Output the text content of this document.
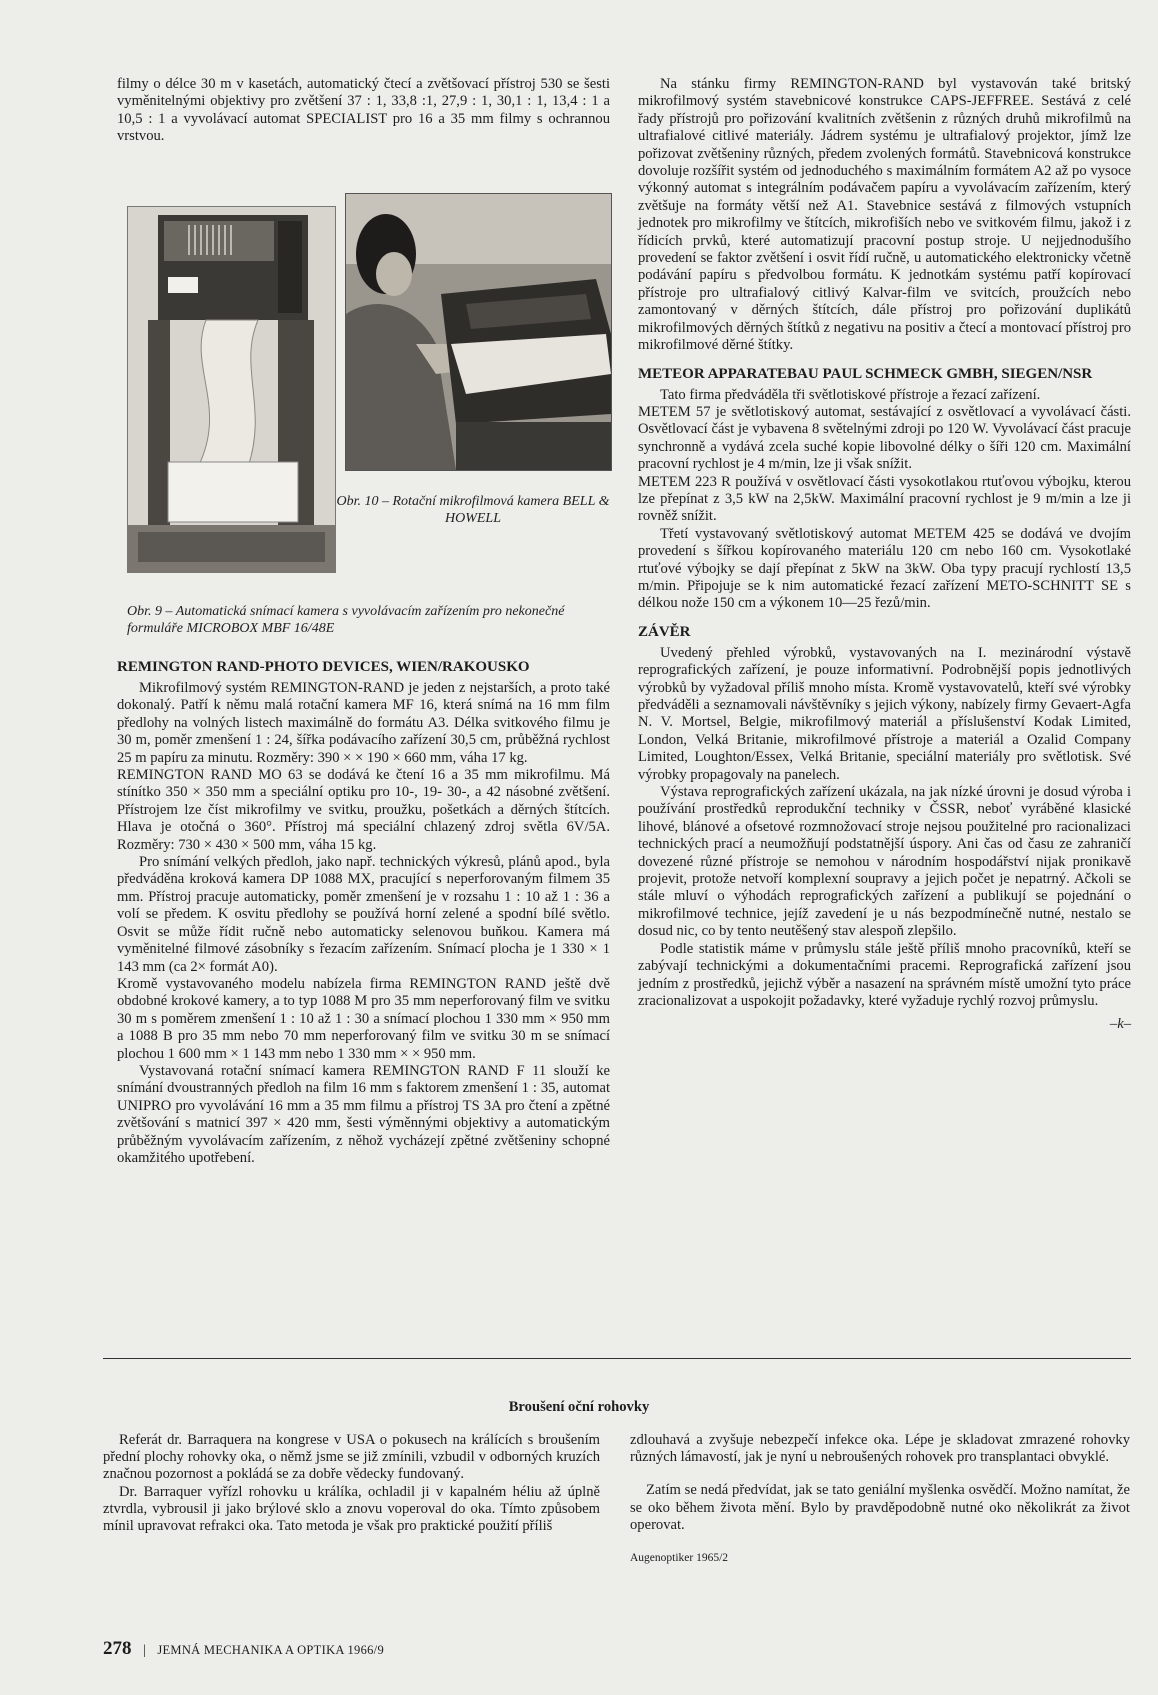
filmy o délce 30 m v kasetách, automatický čtecí a zvětšovací přístroj 530 se šesti vyměnitelnými objektivy pro zvětšení 37 : 1, 33,8 :1, 27,9 : 1, 30,1 : 1, 13,4 : 1 a 10,5 : 1 a vyvolávací automat SPECIALIST pro 16 a 35 mm filmy s ochrannou vrstvou.

Obr. 10 – Rotační mikrofilmová kamera BELL & HOWELL
Obr. 9 – Automatická snímací kamera s vyvolávacím zařízením pro nekonečné formuláře MICROBOX MBF 16/48E
REMINGTON RAND-PHOTO DEVICES, WIEN/RAKOUSKO

Mikrofilmový systém REMINGTON-RAND je jeden z nejstarších, a proto také dokonalý. Patří k němu malá rotační kamera MF 16, která snímá na 16 mm film předlohy na volných listech maximálně do formátu A3. Délka svitkového filmu je 30 m, poměr zmenšení 1 : 24, šířka podávacího zařízení 30,5 cm, průběžná rychlost 25 m papíru za minutu. Rozměry: 390 × × 190 × 660 mm, váha 17 kg.

REMINGTON RAND MO 63 se dodává ke čtení 16 a 35 mm mikrofilmu. Má stínítko 350 × 350 mm a speciální optiku pro 10-, 19- 30-, a 42 násobné zvětšení. Přístrojem lze číst mikrofilmy ve svitku, proužku, pošetkách a děrných štítcích. Hlava je otočná o 360°. Přístroj má speciální chlazený zdroj světla 6V/5A. Rozměry: 730 × 430 × 500 mm, váha 15 kg.

Pro snímání velkých předloh, jako např. technických výkresů, plánů apod., byla předváděna kroková kamera DP 1088 MX, pracující s neperforovaným filmem 35 mm. Přístroj pracuje automaticky, poměr zmenšení je v rozsahu 1 : 10 až 1 : 36 a volí se předem. K osvitu předlohy se používá horní zelené a spodní bílé světlo. Osvit se může řídit ručně nebo automaticky selenovou buňkou. Kamera má vyměnitelné filmové zásobníky s řezacím zařízením. Snímací plocha je 1 330 × 1 143 mm (ca 2× formát A0).

Kromě vystavovaného modelu nabízela firma REMINGTON RAND ještě dvě obdobné krokové kamery, a to typ 1088 M pro 35 mm neperforovaný film ve svitku 30 m s poměrem zmenšení 1 : 10 až 1 : 30 a snímací plochou 1 330 mm × 950 mm a 1088 B pro 35 mm nebo 70 mm neperforovaný film ve svitku 30 m se snímací plochou 1 600 mm × 1 143 mm nebo 1 330 mm × × 950 mm.

Vystavovaná rotační snímací kamera REMINGTON RAND F 11 slouží ke snímání dvoustranných předloh na film 16 mm s faktorem zmenšení 1 : 35, automat UNIPRO pro vyvolávání 16 mm a 35 mm filmu a přístroj TS 3A pro čtení a zpětné zvětšování s matnicí 397 × 420 mm, šesti výměnnými objektivy a automatickým průběžným vyvolávacím zařízením, z něhož vycházejí zpětné zvětšeniny schopné okamžitého upotřebení.

Na stánku firmy REMINGTON-RAND byl vystavován také britský mikrofilmový systém stavebnicové konstrukce CAPS-JEFFREE. Sestává z celé řady přístrojů pro pořizování kvalitních zvětšenin z různých druhů mikrofilmů na ultrafialové citlivé materiály. Jádrem systému je ultrafialový projektor, jímž lze pořizovat zvětšeniny různých, předem zvolených formátů. Stavebnicová konstrukce dovoluje rozšířit systém od jednoduchého s maximálním formátem A2 až po vysoce výkonný automat s integrálním podávačem papíru a vyvolávacím zařízením, který zvětšuje na formáty větší než A1. Stavebnice sestává z filmových vstupních jednotek pro mikrofilmy ve štítcích, mikrofiších nebo ve svitkovém filmu, jakož i z řídicích prvků, které automatizují pracovní postup stroje. U nejjednodušího provedení se faktor zvětšení i osvit řídí ručně, u automatického elektronicky včetně podávání papíru s předvolbou formátu. K jednotkám systému patří kopírovací přístroje pro ultrafialový citlivý Kalvar-film ve svitcích, proužcích nebo zamontovaný v děrných štítcích, dále přístroj pro pořizování duplikátů mikrofilmových děrných štítků z negativu na positiv a čtecí a montovací přístroj pro mikrofilmové děrné štítky.

METEOR APPARATEBAU PAUL SCHMECK GMBH, SIEGEN/NSR

Tato firma předváděla tři světlotiskové přístroje a řezací zařízení.

METEM 57 je světlotiskový automat, sestávající z osvětlovací a vyvolávací části. Osvětlovací část je vybavena 8 světelnými zdroji po 120 W. Vyvolávací část pracuje synchronně a vydává zcela suché kopie libovolné délky o šíři 120 cm. Maximální pracovní rychlost je 4 m/min, lze ji však snížit.

METEM 223 R používá v osvětlovací části vysokotlakou rtuťovou výbojku, kterou lze přepínat z 3,5 kW na 2,5kW. Maximální pracovní rychlost je 9 m/min a lze ji rovněž snížit.

Třetí vystavovaný světlotiskový automat METEM 425 se dodává ve dvojím provedení s šířkou kopírovaného materiálu 120 cm nebo 160 cm. Vysokotlaké rtuťové výbojky se dají přepínat z 5kW na 3kW. Oba typy pracují rychlostí 13,5 m/min. Připojuje se k nim automatické řezací zařízení METO-SCHNITT SE s délkou nože 150 cm a výkonem 10—25 řezů/min.

ZÁVĚR

Uvedený přehled výrobků, vystavovaných na I. mezinárodní výstavě reprografických zařízení, je pouze informativní. Podrobnější popis jednotlivých výrobků by vyžadoval příliš mnoho místa. Kromě vystavovatelů, kteří své výrobky předváděli a seznamovali návštěvníky s jejich výkony, nabízely firmy Gevaert-Agfa N. V. Mortsel, Belgie, mikrofilmový materiál a příslušenství Kodak Limited, London, Velká Britanie, mikrofilmové přístroje a materiál a Ozalid Company Limited, Loughton/Essex, Velká Britanie, speciální materiály pro světlotisk. Své výrobky propagovaly na panelech.

Výstava reprografických zařízení ukázala, na jak nízké úrovni je dosud výroba i používání prostředků reprodukční techniky v ČSSR, neboť vyráběné klasické lihové, blánové a ofsetové rozmnožovací stroje nejsou použitelné pro racionalizaci technických prací a neumožňují podstatnější úspory. Ani čas od času ze zahraničí dovezené různé přístroje se nemohou v národním hospodářství nijak pronikavě projevit, protože netvoří komplexní soupravy a jejich počet je nepatrný. Ačkoli se stále mluví o výhodách reprografických zařízení a publikují se pojednání o mikrofilmové technice, jejíž zavedení je u nás bezpodmínečně nutné, nestalo se dosud nic, co by tento neutěšený stav alespoň zlepšilo.

Podle statistik máme v průmyslu stále ještě příliš mnoho pracovníků, kteří se zabývají technickými a dokumentačními pracemi. Reprografická zařízení jsou jedním z prostředků, jejichž výběr a nasazení na správném místě umožní tyto práce zracionalizovat a uspokojit požadavky, které vyžaduje rychlý rozvoj průmyslu.

–k–
Broušení oční rohovky

Referát dr. Barraquera na kongrese v USA o pokusech na králících s broušením přední plochy rohovky oka, o němž jsme se již zmínili, vzbudil v odborných kruzích značnou pozornost a pokládá se za dobře vědecky fundovaný.

Dr. Barraquer vyřízl rohovku u králíka, ochladil ji v kapalném héliu až úplně ztvrdla, vybrousil ji jako brýlové sklo a znovu voperoval do oka. Tímto způsobem mínil upravovat refrakci oka. Tato metoda je však pro praktické použití příliš

zdlouhavá a zvyšuje nebezpečí infekce oka. Lépe je skladovat zmrazené rohovky různých lámavostí, jak je nyní u nebroušených rohovek pro transplantaci obvyklé.

Zatím se nedá předvídat, jak se tato geniální myšlenka osvědčí. Možno namítat, že se oko během života mění. Bylo by pravděpodobně nutné oko několikrát za život operovat.

Augenoptiker 1965/2
278 | JEMNÁ MECHANIKA A OPTIKA 1966/9
